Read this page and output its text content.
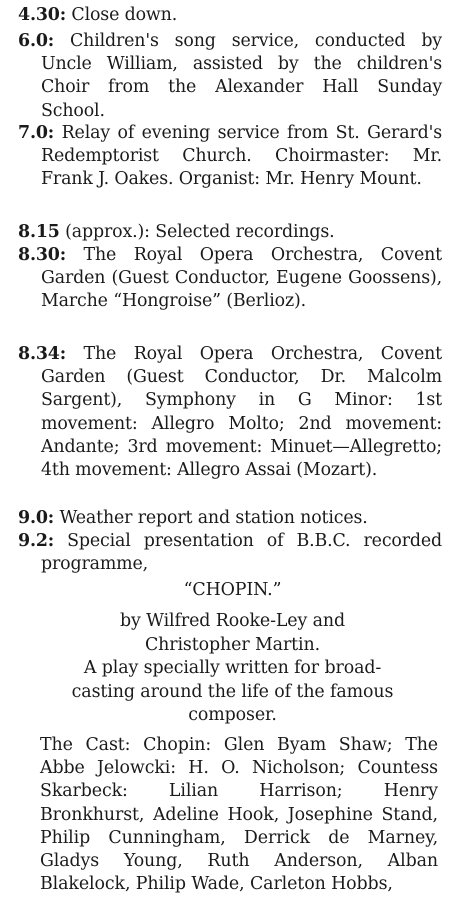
4.30: Close down.
6.0: Children's song service, conducted by Uncle William, assisted by the children's Choir from the Alexander Hall Sunday School.
7.0: Relay of evening service from St. Gerard's Redemptorist Church. Choirmaster: Mr. Frank J. Oakes. Organist: Mr. Henry Mount.
8.15 (approx.): Selected recordings.
8.30: The Royal Opera Orchestra, Covent Garden (Guest Conductor, Eugene Goossens), Marche “Hongroise” (Berlioz).
8.34: The Royal Opera Orchestra, Covent Garden (Guest Conductor, Dr. Malcolm Sargent), Symphony in G Minor: 1st movement: Allegro Molto; 2nd movement: Andante; 3rd movement: Minuet—Allegretto; 4th movement: Allegro Assai (Mozart).
9.0: Weather report and station notices.
9.2: Special presentation of B.B.C. recorded programme,
“CHOPIN.”
by Wilfred Rooke-Ley and
Christopher Martin.
A play specially written for broad-
casting around the life of the famous
composer.
The Cast: Chopin: Glen Byam Shaw; The Abbe Jelowcki: H. O. Nicholson; Countess Skarbeck: Lilian Harrison; Henry Bronkhurst, Adeline Hook, Josephine Stand, Philip Cunningham, Derrick de Marney, Gladys Young, Ruth Anderson, Alban Blakelock, Philip Wade, Carleton Hobbs,
